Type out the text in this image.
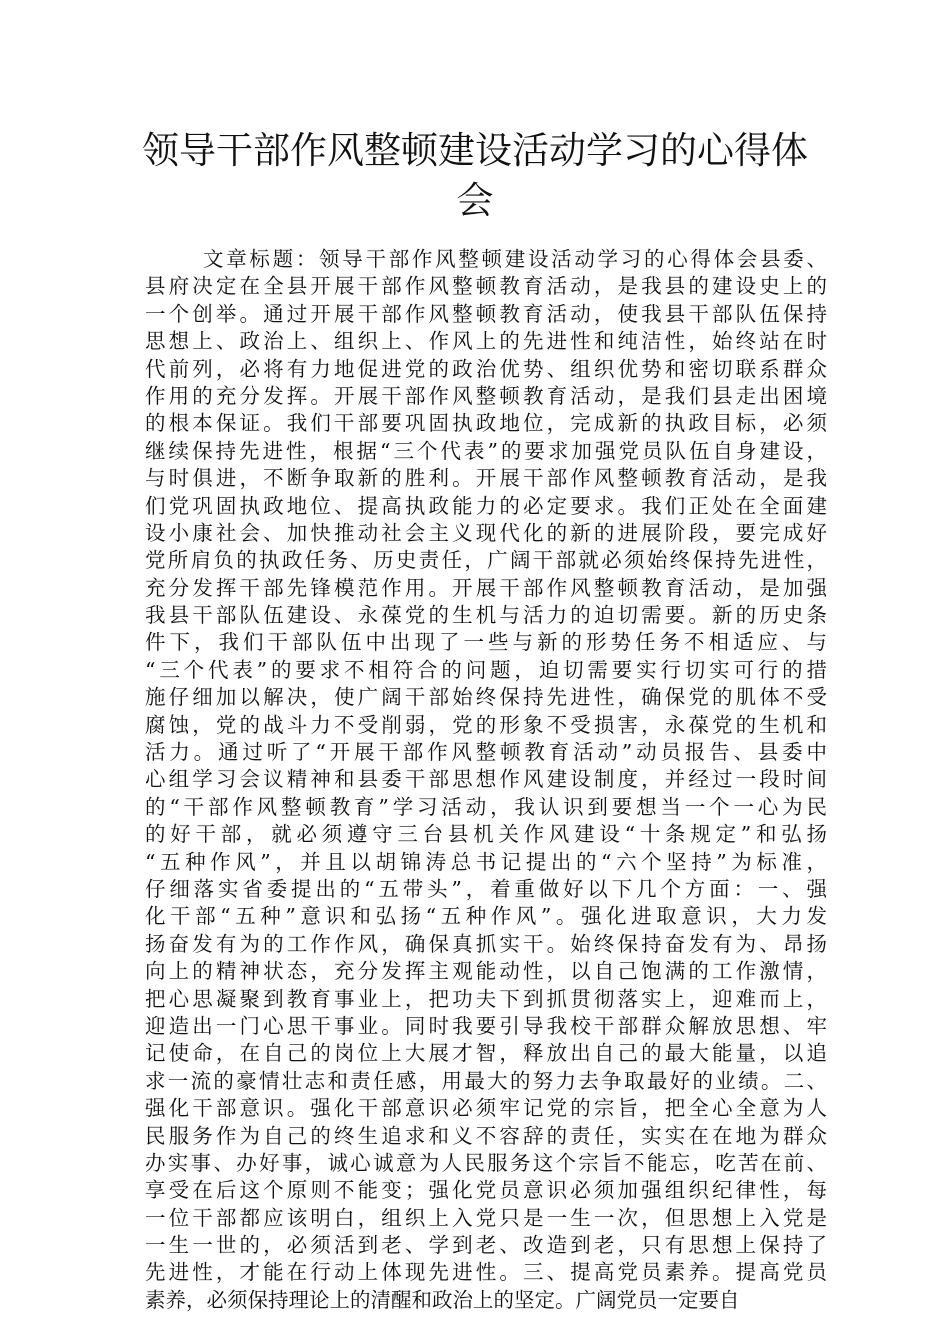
领导干部作风整顿建设活动学习的心得体
会
文章标题：领导干部作风整顿建设活动学习的心得体会县委、
县府决定在全县开展干部作风整顿教育活动，是我县的建设史上的
一个创举。通过开展干部作风整顿教育活动，使我县干部队伍保持
思想上、政治上、组织上、作风上的先进性和纯洁性，始终站在时
代前列，必将有力地促进党的政治优势、组织优势和密切联系群众
作用的充分发挥。开展干部作风整顿教育活动，是我们县走出困境
的根本保证。我们干部要巩固执政地位，完成新的执政目标，必须
继续保持先进性，根据“三个代表”的要求加强党员队伍自身建设，
与时俱进，不断争取新的胜利。开展干部作风整顿教育活动，是我
们党巩固执政地位、提高执政能力的必定要求。我们正处在全面建
设小康社会、加快推动社会主义现代化的新的进展阶段，要完成好
党所肩负的执政任务、历史责任，广阔干部就必须始终保持先进性，
充分发挥干部先锋模范作用。开展干部作风整顿教育活动，是加强
我县干部队伍建设、永葆党的生机与活力的迫切需要。新的历史条
件下，我们干部队伍中出现了一些与新的形势任务不相适应、与
“三个代表”的要求不相符合的问题，迫切需要实行切实可行的措
施仔细加以解决，使广阔干部始终保持先进性，确保党的肌体不受
腐蚀，党的战斗力不受削弱，党的形象不受损害，永葆党的生机和
活力。通过听了“开展干部作风整顿教育活动”动员报告、县委中
心组学习会议精神和县委干部思想作风建设制度，并经过一段时间
的“干部作风整顿教育”学习活动，我认识到要想当一个一心为民
的好干部，就必须遵守三台县机关作风建设“十条规定”和弘扬
“五种作风”，并且以胡锦涛总书记提出的“六个坚持”为标准，
仔细落实省委提出的“五带头”，着重做好以下几个方面：一、强
化干部“五种”意识和弘扬“五种作风”。强化进取意识，大力发
扬奋发有为的工作作风，确保真抓实干。始终保持奋发有为、昂扬
向上的精神状态，充分发挥主观能动性，以自己饱满的工作激情，
把心思凝聚到教育事业上，把功夫下到抓贯彻落实上，迎难而上，
迎造出一门心思干事业。同时我要引导我校干部群众解放思想、牢
记使命，在自己的岗位上大展才智，释放出自己的最大能量，以追
求一流的豪情壮志和责任感，用最大的努力去争取最好的业绩。二、
强化干部意识。强化干部意识必须牢记党的宗旨，把全心全意为人
民服务作为自己的终生追求和义不容辞的责任，实实在在地为群众
办实事、办好事，诚心诚意为人民服务这个宗旨不能忘，吃苦在前、
享受在后这个原则不能变；强化党员意识必须加强组织纪律性，每
一位干部都应该明白，组织上入党只是一生一次，但思想上入党是
一生一世的，必须活到老、学到老、改造到老，只有思想上保持了
先进性，才能在行动上体现先进性。三、提高党员素养。提高党员
素养，必须保持理论上的清醒和政治上的坚定。广阔党员一定要自
